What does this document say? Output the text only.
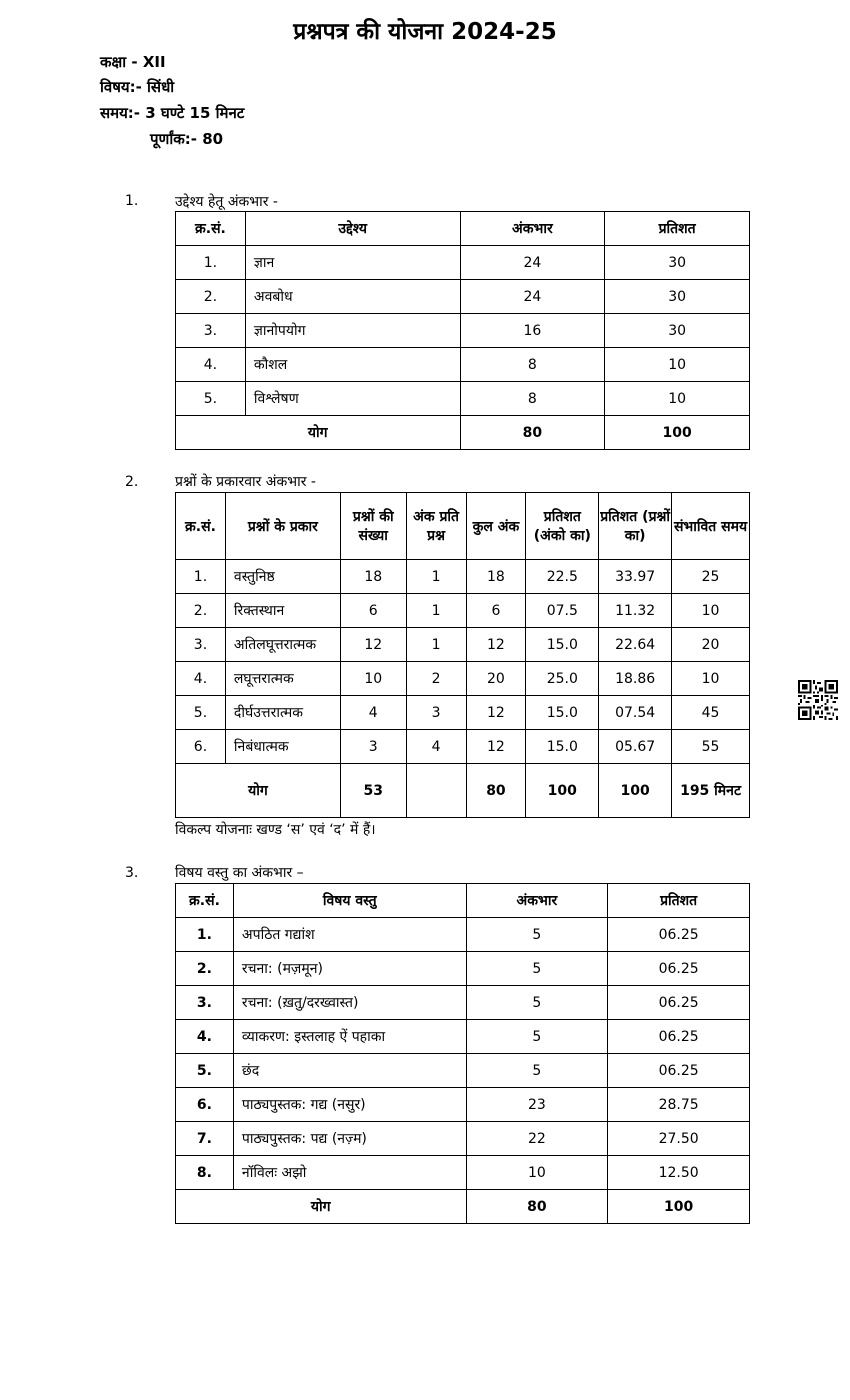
प्रश्नपत्र की योजना 2024-25
कक्षा - XII
विषय:- सिंधी
समय:- 3 घण्टे 15 मिनट
पूर्णांक:- 80
1.	उद्देश्य हेतू अंकभार -
क्र.सं.	उद्देश्य	अंकभार	प्रतिशत
1.	ज्ञान	24	30
2.	अवबोध	24	30
3.	ज्ञानोपयोग	16	30
4.	कौशल	8	10
5.	विश्लेषण	8	10
योग		80	100
2.	प्रश्नों के प्रकारवार अंकभार -
क्र.सं.	प्रश्नों के प्रकार	प्रश्नों की संख्या	अंक प्रति प्रश्न	कुल अंक	प्रतिशत (अंको का)	प्रतिशत (प्रश्नों का)	संभावित समय
1.	वस्तुनिष्ठ	18	1	18	22.5	33.97	25
2.	रिक्तस्थान	6	1	6	07.5	11.32	10
3.	अतिलघूत्तरात्मक	12	1	12	15.0	22.64	20
4.	लघूत्तरात्मक	10	2	20	25.0	18.86	10
5.	दीर्घउत्तरात्मक	4	3	12	15.0	07.54	45
6.	निबंधात्मक	3	4	12	15.0	05.67	55
योग		53		80	100	100	195 मिनट
विकल्प योजनाः खण्ड ‘स’ एवं ‘द’ में हैं।
3.	विषय वस्तु का अंकभार –
क्र.सं.	विषय वस्तु	अंकभार	प्रतिशत
1.	अपठित गद्यांश	5	06.25
2.	रचना: (मज़मून)	5	06.25
3.	रचना: (ख़तु/दरख्वास्त)	5	06.25
4.	व्याकरण: इस्तलाह ऐं पहाका	5	06.25
5.	छंद	5	06.25
6.	पाठ्यपुस्तक: गद्य (नसुर)	23	28.75
7.	पाठ्यपुस्तक: पद्य (नज़्म)	22	27.50
8.	नॉविलः अझो	10	12.50
योग		80	100
